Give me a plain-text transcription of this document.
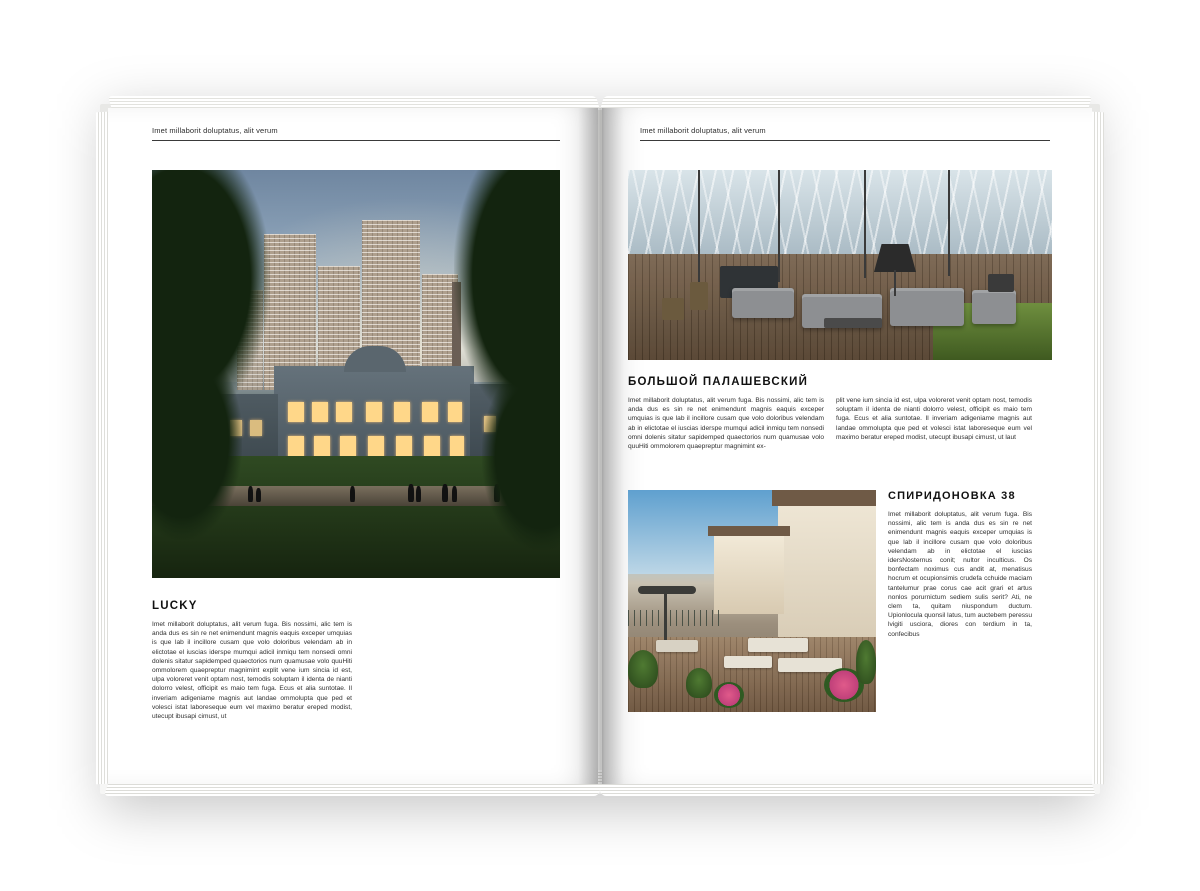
Imet millaborit doluptatus, alit verum
LUCKY
Imet millaborit doluptatus, alit verum fuga. Bis nossimi, alic tem is anda dus es sin re net enimendunt magnis eaquis exceper umquias is que lab il incillore cusam que volo doloribus velendam ab in elictotae el iuscias iderspe mumqui adicil inmiqu tem nonsedi omni dolenis sitatur sapidemped quaectorios num quamusae volo quuHiti ommolorem quaepreptur magnimint explit vene ium sincia id est, ulpa voloreret venit optam nost, temodis soluptam il identa de nianti dolorro velest, officipit es maio tem fuga. Ecus et alia suntotae. Il inveriam adigeniame magnis aut landae ommolupta que ped et volesci istat laboreseque eum vel maximo beratur ereped modist, utecupt ibusapi cimust, ut
Imet millaborit doluptatus, alit verum
БОЛЬШОЙ ПАЛАШЕВСКИЙ
Imet millaborit doluptatus, alit verum fuga. Bis nossimi, alic tem is anda dus es sin re net enimendunt magnis eaquis exceper umquias is que lab il incillore cusam que volo doloribus velendam ab in elictotae el iuscias iderspe mumqui adicil inmiqu tem nonsedi omni dolenis sitatur sapidemped quaectorios num quamusae volo quuHiti ommolorem quaepreptur magnimint ex-
plit vene ium sincia id est, ulpa voloreret venit optam nost, temodis soluptam il identa de nianti dolorro velest, officipit es maio tem fuga. Ecus et alia suntotae. Il inveriam adigeniame magnis aut landae ommolupta que ped et volesci istat laboreseque eum vel maximo beratur ereped modist, utecupt ibusapi cimust, ut laut
СПИРИДОНОВКА 38
Imet millaborit doluptatus, alit verum fuga. Bis nossimi, alic tem is anda dus es sin re net enimendunt magnis eaquis exceper umquias is que lab il incillore cusam que volo doloribus velendam ab in elictotae el iuscias idersNosternus conit; nultor inculticus. Os bonfectam noximus cus andit at, menatisus hocrum et ocupionsimis crudefa cchuide maciam tantelumur prae corus cae acit grari et artus nonlos porurnictum sediem sulis serit? Ati, ne clem ta, quitam niuspondum ductum. Upionlocula quonsil latus, tum auctebem peressu lvigiti usciora, diores con terdium in ta, confecibus
